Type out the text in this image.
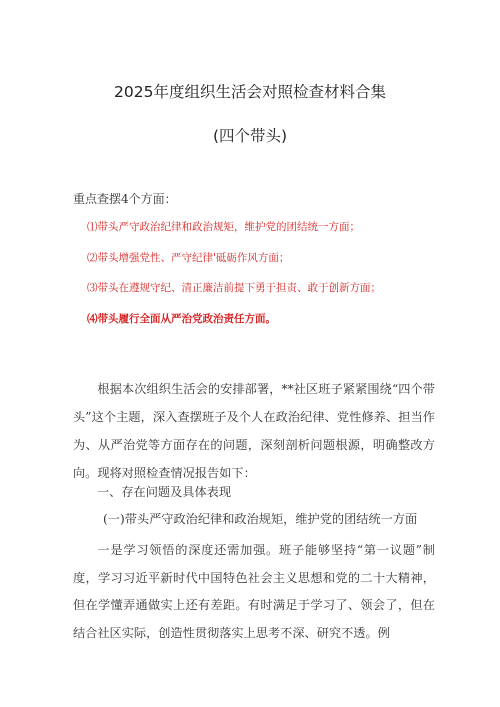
2025年度组织生活会对照检查材料合集
(四个带头)
重点查摆4个方面：
⑴带头严守政治纪律和政治规矩，维护党的团结统一方面；
⑵带头增强党性、严守纪律'砥砺作风方面；
⑶带头在遵规守纪、清正廉洁前提下勇于担责、敢于创新方面；
⑷带头履行全面从严治党政治责任方面。
根据本次组织生活会的安排部署，**社区班子紧紧围绕“四个带头”这个主题，深入查摆班子及个人在政治纪律、党性修养、担当作为、从严治党等方面存在的问题，深刻剖析问题根源，明确整改方向。现将对照检查情况报告如下：
一、存在问题及具体表现
(一)带头严守政治纪律和政治规矩，维护党的团结统一方面
一是学习领悟的深度还需加强。班子能够坚持“第一议题”制度，学习习近平新时代中国特色社会主义思想和党的二十大精神，但在学懂弄通做实上还有差距。有时满足于学习了、领会了，但在结合社区实际，创造性贯彻落实上思考不深、研究不透。例
